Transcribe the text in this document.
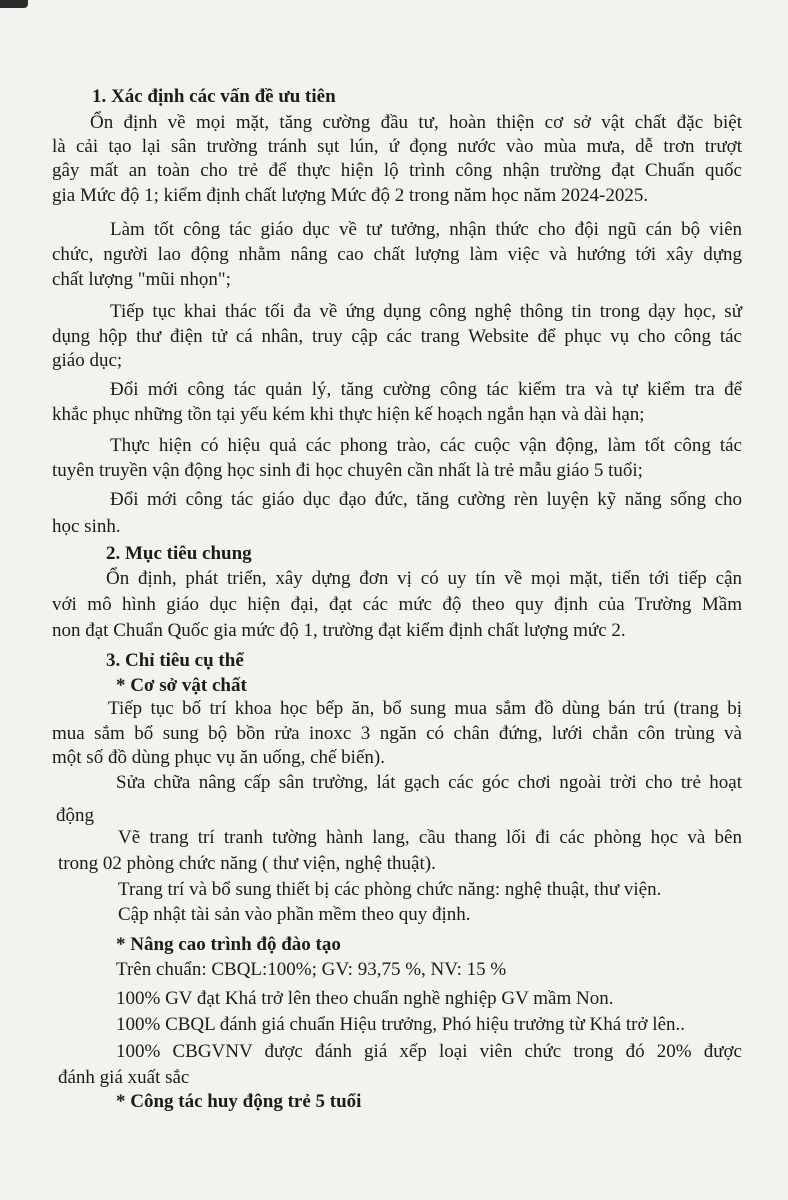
1. Xác định các vấn đề ưu tiên
Ổn định về mọi mặt, tăng cường đầu tư, hoàn thiện cơ sở vật chất đặc biệt
là cải tạo lại sân trường tránh sụt lún, ứ đọng nước vào mùa mưa, dễ trơn trượt
gây mất an toàn cho trẻ để thực hiện lộ trình công nhận trường đạt Chuẩn quốc
gia Mức độ 1; kiểm định chất lượng Mức độ 2 trong năm học năm 2024-2025.
Làm tốt công tác giáo dục về tư tưởng, nhận thức cho đội ngũ cán bộ viên
chức, người lao động nhằm nâng cao chất lượng làm việc và hướng tới xây dựng
chất lượng "mũi nhọn";
Tiếp tục khai thác tối đa về ứng dụng công nghệ thông tin trong dạy học, sử
dụng hộp thư điện tử cá nhân, truy cập các trang Website để phục vụ cho công tác
giáo dục;
Đổi mới công tác quản lý, tăng cường công tác kiểm tra và tự kiểm tra để
khắc phục những tồn tại yếu kém khi thực hiện kế hoạch ngắn hạn và dài hạn;
Thực hiện có hiệu quả các phong trào, các cuộc vận động, làm tốt công tác
tuyên truyền vận động học sinh đi học chuyên cần nhất là trẻ mẫu giáo 5 tuổi;
Đổi mới công tác giáo dục đạo đức, tăng cường rèn luyện kỹ năng sống cho
học sinh.
2. Mục tiêu chung
Ổn định, phát triển, xây dựng đơn vị có uy tín về mọi mặt, tiến tới tiếp cận
với mô hình giáo dục hiện đại, đạt các mức độ theo quy định của Trường Mầm
non đạt Chuẩn Quốc gia mức độ 1, trường đạt kiểm định chất lượng mức 2.
3. Chỉ tiêu cụ thể
* Cơ sở vật chất
Tiếp tục bố trí khoa học bếp ăn, bổ sung mua sắm đồ dùng bán trú (trang bị
mua sắm bổ sung bộ bồn rửa inoxc 3 ngăn có chân đứng, lưới chắn côn trùng và
một số đồ dùng phục vụ ăn uống, chế biến).
Sửa chữa nâng cấp sân trường, lát gạch các góc chơi ngoài trời cho trẻ hoạt
động
Vẽ trang trí tranh tường hành lang, cầu thang lối đi các phòng học và bên
trong 02 phòng chức năng ( thư viện, nghệ thuật).
Trang trí và bổ sung thiết bị các phòng chức năng: nghệ thuật, thư viện.
Cập nhật tài sản vào phần mềm theo quy định.
* Nâng cao trình độ đào tạo
Trên chuẩn: CBQL:100%; GV: 93,75 %, NV: 15 %
100% GV đạt Khá trở lên theo chuẩn nghề nghiệp GV mầm Non.
100% CBQL đánh giá chuẩn Hiệu trưởng, Phó hiệu trưởng từ Khá trở lên..
100% CBGVNV được đánh giá xếp loại viên chức trong đó 20% được
đánh giá xuất sắc
* Công tác huy động trẻ 5 tuổi
